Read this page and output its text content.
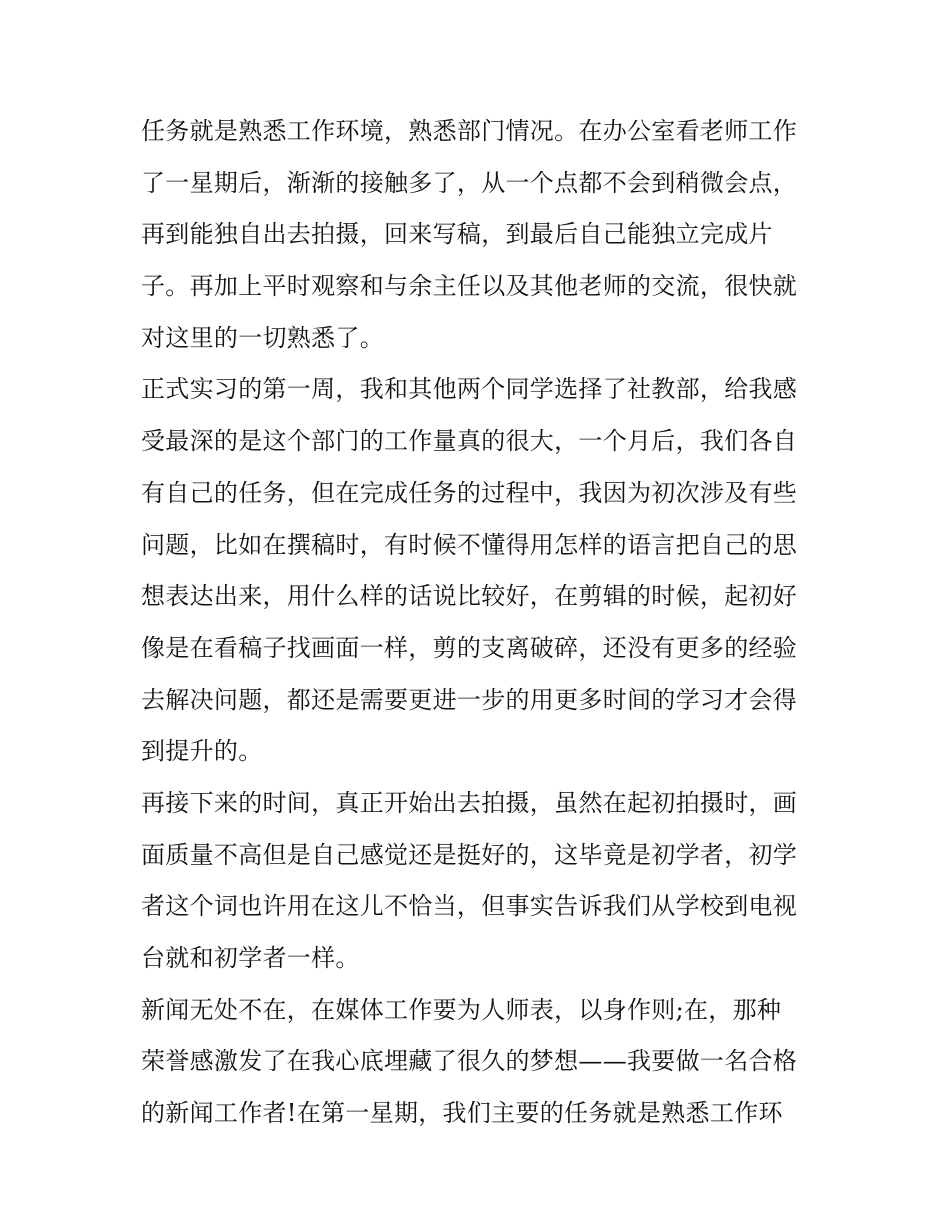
任务就是熟悉工作环境，熟悉部门情况。在办公室看老师工作
了一星期后，渐渐的接触多了，从一个点都不会到稍微会点，
再到能独自出去拍摄，回来写稿，到最后自己能独立完成片
子。再加上平时观察和与余主任以及其他老师的交流，很快就
对这里的一切熟悉了。
正式实习的第一周，我和其他两个同学选择了社教部，给我感
受最深的是这个部门的工作量真的很大，一个月后，我们各自
有自己的任务，但在完成任务的过程中，我因为初次涉及有些
问题，比如在撰稿时，有时候不懂得用怎样的语言把自己的思
想表达出来，用什么样的话说比较好，在剪辑的时候，起初好
像是在看稿子找画面一样，剪的支离破碎，还没有更多的经验
去解决问题，都还是需要更进一步的用更多时间的学习才会得
到提升的。
再接下来的时间，真正开始出去拍摄，虽然在起初拍摄时，画
面质量不高但是自己感觉还是挺好的，这毕竟是初学者，初学
者这个词也许用在这儿不恰当，但事实告诉我们从学校到电视
台就和初学者一样。
新闻无处不在，在媒体工作要为人师表，以身作则;在，那种
荣誉感激发了在我心底埋藏了很久的梦想——我要做一名合格
的新闻工作者!在第一星期，我们主要的任务就是熟悉工作环
